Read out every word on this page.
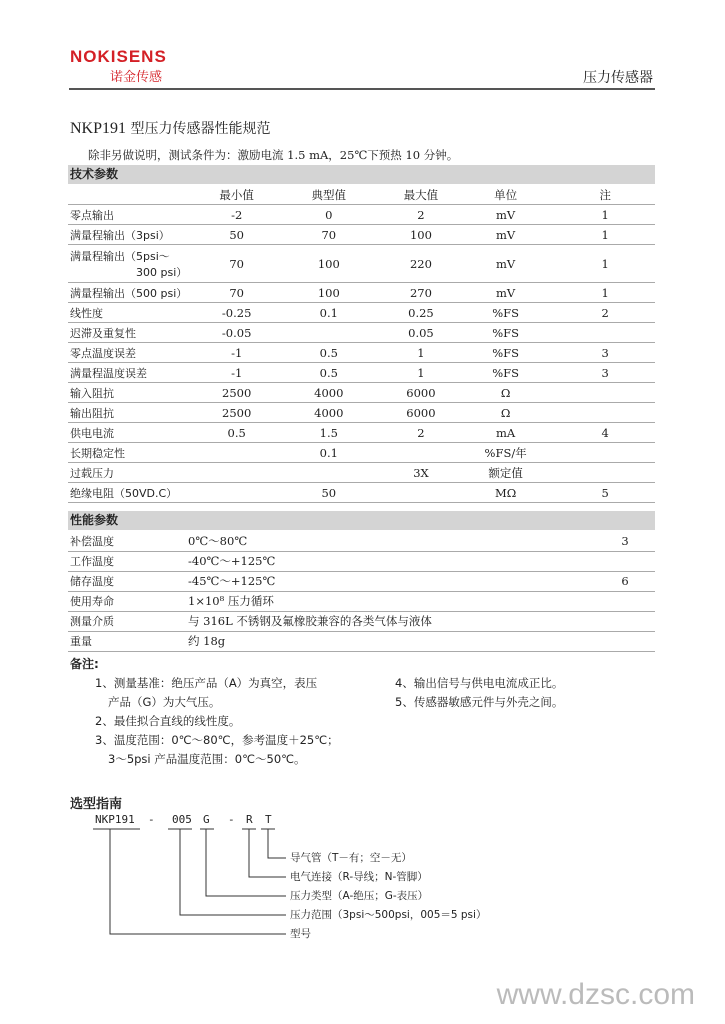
NOKISENS
诺金传感	压力传感器
NKP191 型压力传感器性能规范
除非另做说明，测试条件为：激励电流 1.5 mA，25℃下预热 10 分钟。
技术参数
	最小值	典型值	最大值	单位	注
零点输出	-2	0	2	mV	1
满量程输出（3psi）	50	70	100	mV	1

满量程输出（5psi～
300 psi）	70	100	220	mV	1
满量程输出（500 psi）	70	100	270	mV	1
线性度	-0.25	0.1	0.25	%FS	2
迟滞及重复性	-0.05		0.05	%FS	
零点温度误差	-1	0.5	1	%FS	3
满量程温度误差	-1	0.5	1	%FS	3
输入阻抗	2500	4000	6000	Ω	
输出阻抗	2500	4000	6000	Ω	
供电电流	0.5	1.5	2	mA	4
长期稳定性		0.1		%FS/年	
过载压力			3X	额定值	
绝缘电阻（50VD.C）		50		MΩ	5
性能参数
补偿温度	0℃～80℃	3
工作温度	-40℃～+125℃	
储存温度	-45℃～+125℃	6
使用寿命	1×10⁸ 压力循环	
测量介质	与 316L 不锈钢及氟橡胶兼容的各类气体与液体	
重量	约 18g	
备注:
1、测量基准：绝压产品（A）为真空，表压
产品（G）为大气压。
2、最佳拟合直线的线性度。
3、温度范围：0℃～80℃，参考温度＋25℃；
3～5psi 产品温度范围：0℃～50℃。
4、输出信号与供电电流成正比。
5、传感器敏感元件与外壳之间。
选型指南
NKP191 - 005 G - R T
导气管（T－有；空－无）
电气连接（R-导线；N-管脚）
压力类型（A-绝压；G-表压）
压力范围（3psi～500psi，005＝5 psi）
型号
www.dzsc.com
